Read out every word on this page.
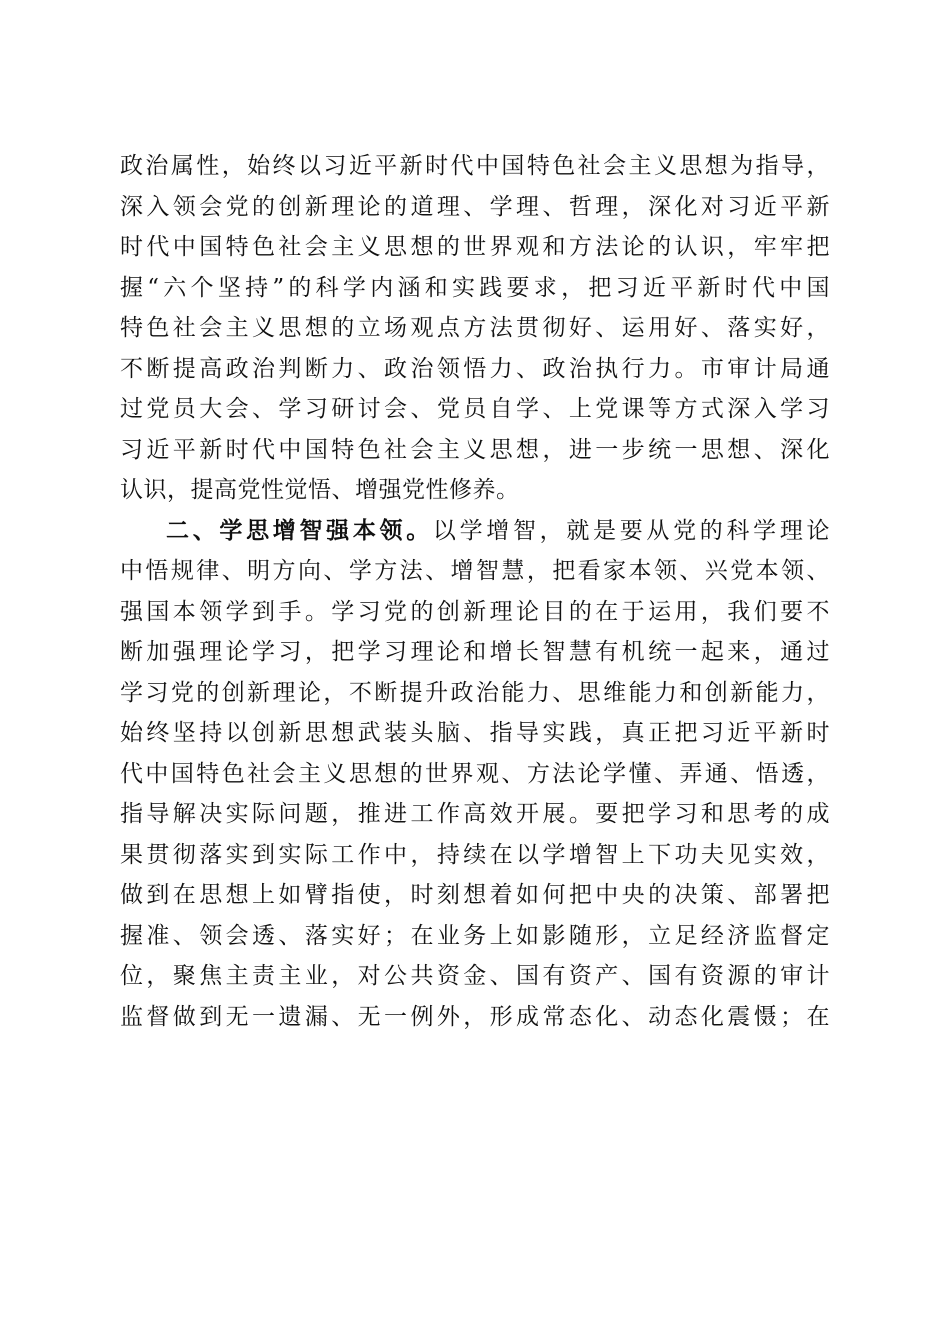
政治属性，始终以习近平新时代中国特色社会主义思想为指导，
深入领会党的创新理论的道理、学理、哲理，深化对习近平新
时代中国特色社会主义思想的世界观和方法论的认识，牢牢把
握“六个坚持”的科学内涵和实践要求，把习近平新时代中国
特色社会主义思想的立场观点方法贯彻好、运用好、落实好，
不断提高政治判断力、政治领悟力、政治执行力。市审计局通
过党员大会、学习研讨会、党员自学、上党课等方式深入学习
习近平新时代中国特色社会主义思想，进一步统一思想、深化
认识，提高党性觉悟、增强党性修养。
二、学思增智强本领。以学增智，就是要从党的科学理论
中悟规律、明方向、学方法、增智慧，把看家本领、兴党本领、
强国本领学到手。学习党的创新理论目的在于运用，我们要不
断加强理论学习，把学习理论和增长智慧有机统一起来，通过
学习党的创新理论，不断提升政治能力、思维能力和创新能力，
始终坚持以创新思想武装头脑、指导实践，真正把习近平新时
代中国特色社会主义思想的世界观、方法论学懂、弄通、悟透，
指导解决实际问题，推进工作高效开展。要把学习和思考的成
果贯彻落实到实际工作中，持续在以学增智上下功夫见实效，
做到在思想上如臂指使，时刻想着如何把中央的决策、部署把
握准、领会透、落实好；在业务上如影随形，立足经济监督定
位，聚焦主责主业，对公共资金、国有资产、国有资源的审计
监督做到无一遗漏、无一例外，形成常态化、动态化震慑；在
